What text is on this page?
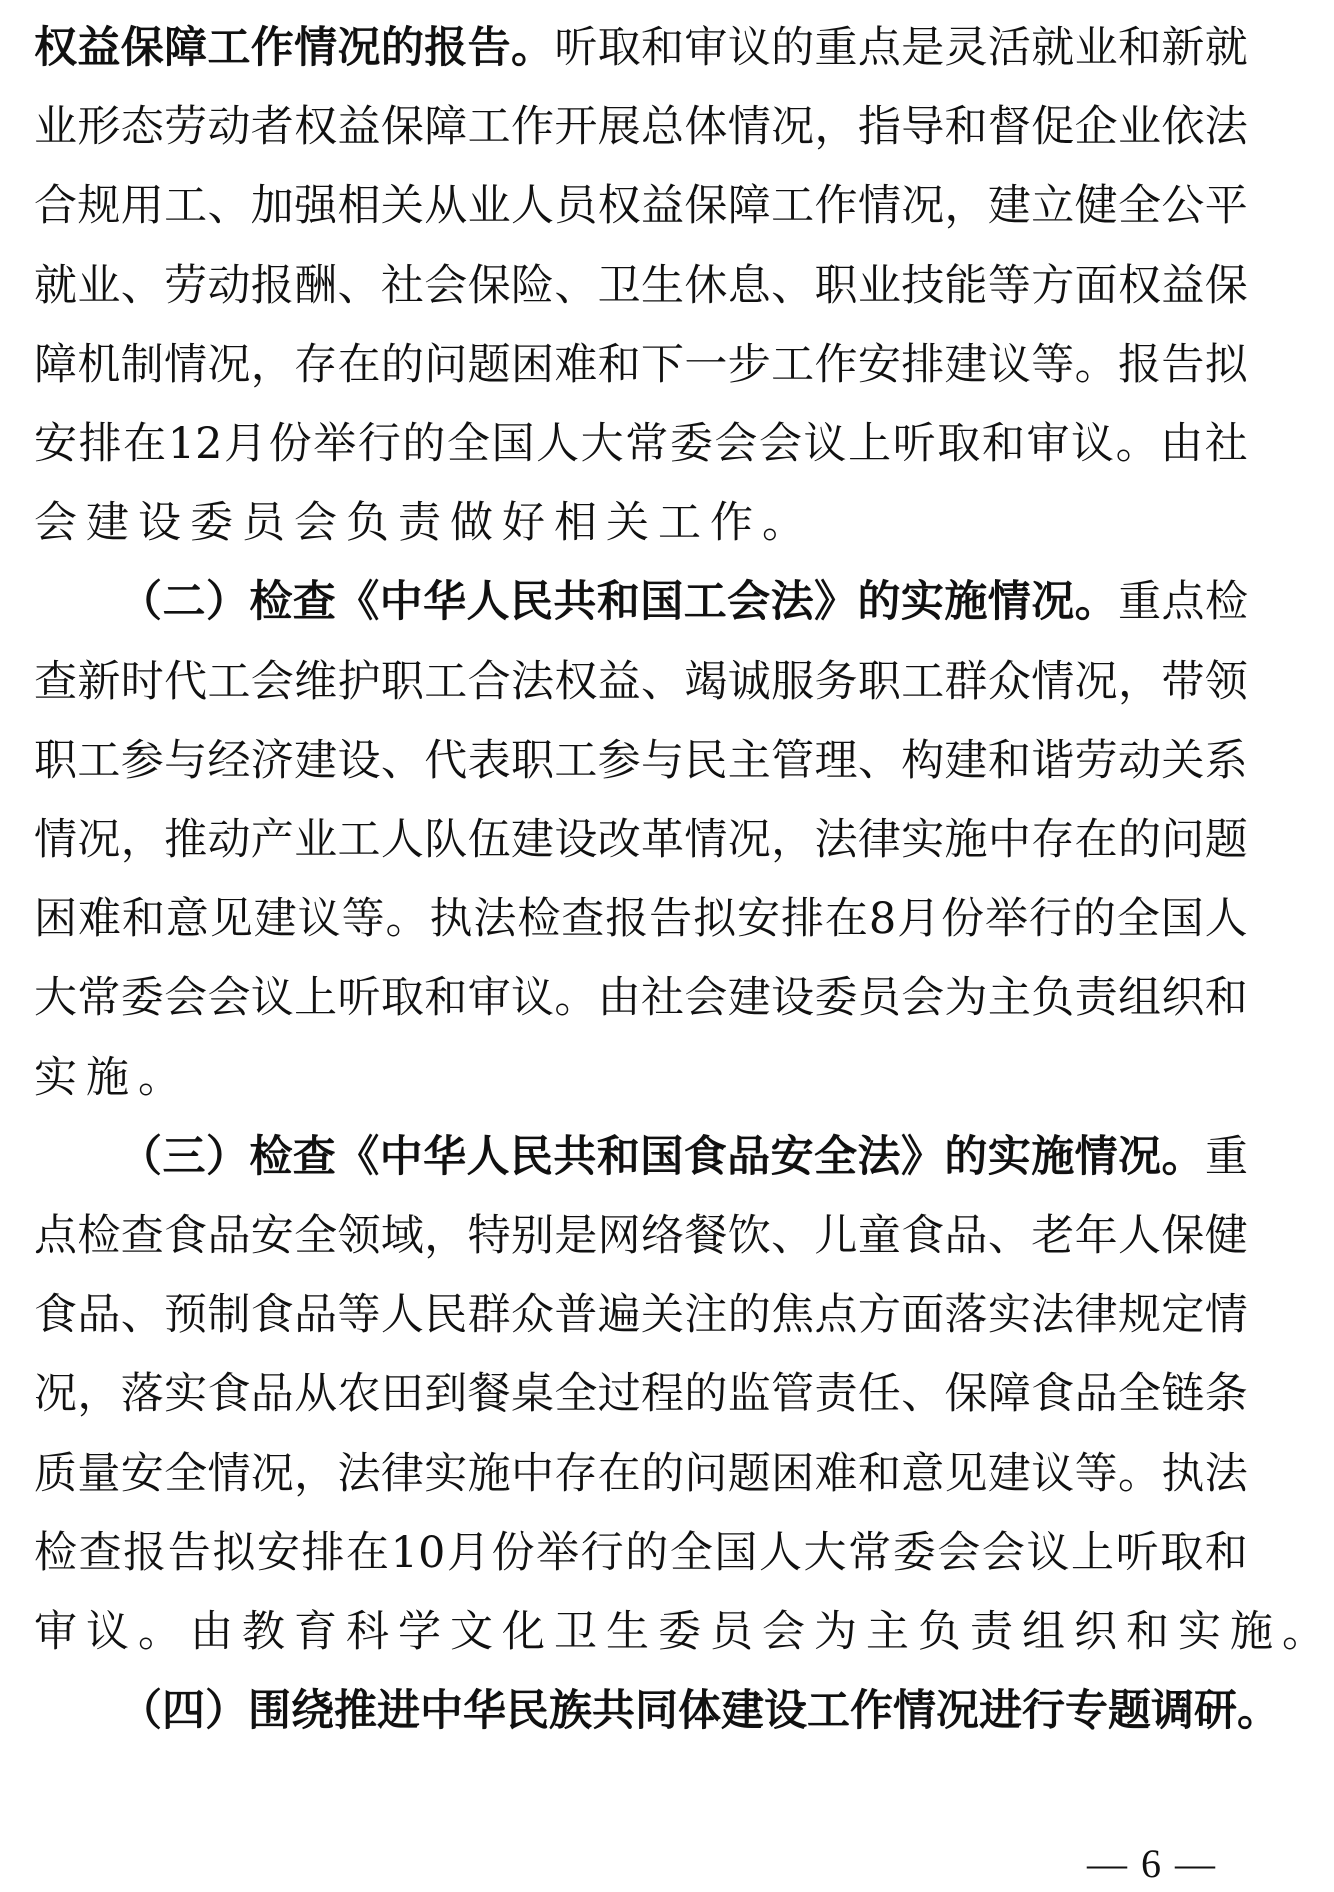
权 益 保 障 工 作 情 况 的 报 告 。 听 取 和 审 议 的 重 点 是 灵 活 就 业 和 新 就
业 形 态 劳 动 者 权 益 保 障 工 作 开 展 总 体 情 况 ， 指 导 和 督 促 企 业 依 法
合 规 用 工 、 加 强 相 关 从 业 人 员 权 益 保 障 工 作 情 况 ， 建 立 健 全 公 平
就 业 、 劳 动 报 酬 、 社 会 保 险 、 卫 生 休 息 、 职 业 技 能 等 方 面 权 益 保
障 机 制 情 况 ， 存 在 的 问 题 困 难 和 下 一 步 工 作 安 排 建 议 等 。 报 告 拟
安 排 在 12 月 份 举 行 的 全 国 人 大 常 委 会 会 议 上 听 取 和 审 议 。 由 社
会建设委员会负责做好相关工作。
（ 二 ） 检 查 《 中 华 人 民 共 和 国 工 会 法 》 的 实 施 情 况 。 重 点 检
查 新 时 代 工 会 维 护 职 工 合 法 权 益 、 竭 诚 服 务 职 工 群 众 情 况 ， 带 领
职 工 参 与 经 济 建 设 、 代 表 职 工 参 与 民 主 管 理 、 构 建 和 谐 劳 动 关 系
情 况 ， 推 动 产 业 工 人 队 伍 建 设 改 革 情 况 ， 法 律 实 施 中 存 在 的 问 题
困 难 和 意 见 建 议 等 。 执 法 检 查 报 告 拟 安 排 在 8 月 份 举 行 的 全 国 人
大 常 委 会 会 议 上 听 取 和 审 议 。 由 社 会 建 设 委 员 会 为 主 负 责 组 织 和
实施。
（ 三 ） 检 查 《 中 华 人 民 共 和 国 食 品 安 全 法 》 的 实 施 情 况 。 重
点 检 查 食 品 安 全 领 域 ， 特 别 是 网 络 餐 饮 、 儿 童 食 品 、 老 年 人 保 健
食 品 、 预 制 食 品 等 人 民 群 众 普 遍 关 注 的 焦 点 方 面 落 实 法 律 规 定 情
况 ， 落 实 食 品 从 农 田 到 餐 桌 全 过 程 的 监 管 责 任 、 保 障 食 品 全 链 条
质 量 安 全 情 况 ， 法 律 实 施 中 存 在 的 问 题 困 难 和 意 见 建 议 等 。 执 法
检 查 报 告 拟 安 排 在 10 月 份 举 行 的 全 国 人 大 常 委 会 会 议 上 听 取 和
审议。由教育科学文化卫生委员会为主负责组织和实施。
（ 四 ） 围 绕 推 进 中 华 民 族 共 同 体 建 设 工 作 情 况 进 行 专 题 调 研 。
— 6 —
